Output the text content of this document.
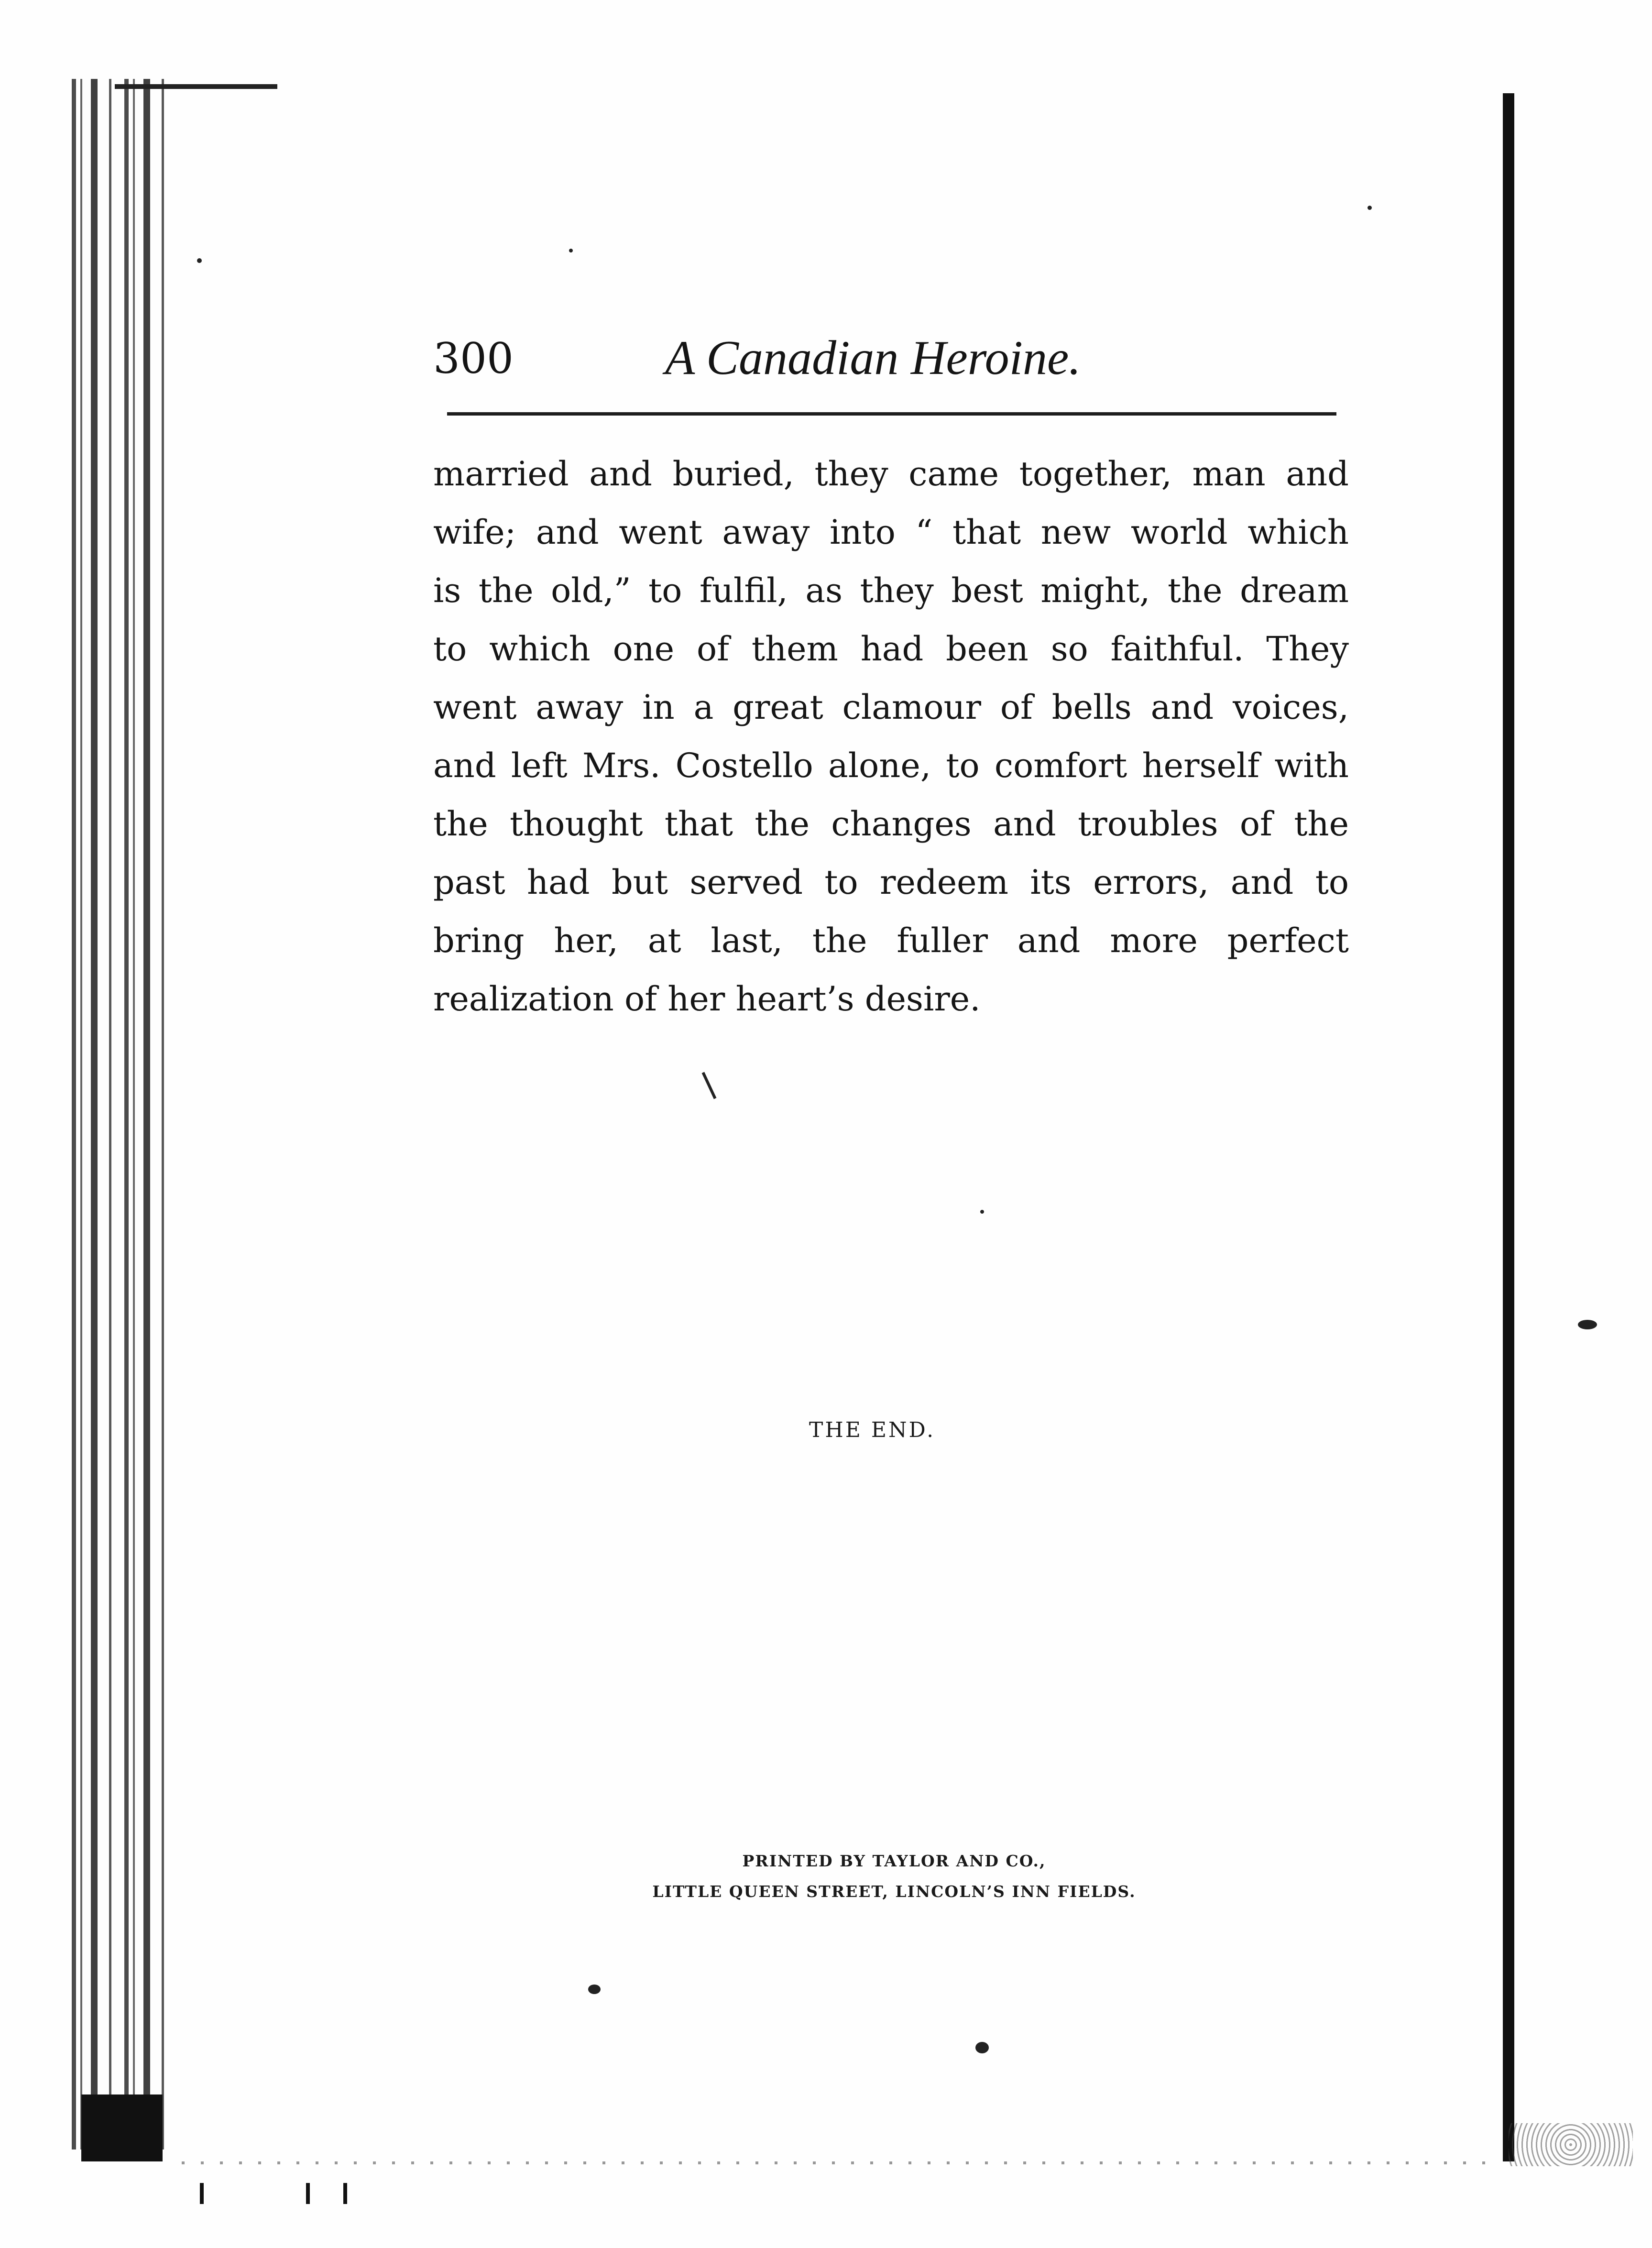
300	A Canadian Heroine.
married and buried, they came together, man and
wife; and went away into “ that new world which
is the old,” to fulfil, as they best might, the dream
to which one of them had been so faithful. They
went away in a great clamour of bells and voices,
and left Mrs. Costello alone, to comfort herself with
the thought that the changes and troubles of the
past had but served to redeem its errors, and to
bring her, at last, the fuller and more perfect
realization of her heart’s desire.
THE END.
PRINTED BY TAYLOR AND CO.,
LITTLE QUEEN STREET, LINCOLN’S INN FIELDS.
